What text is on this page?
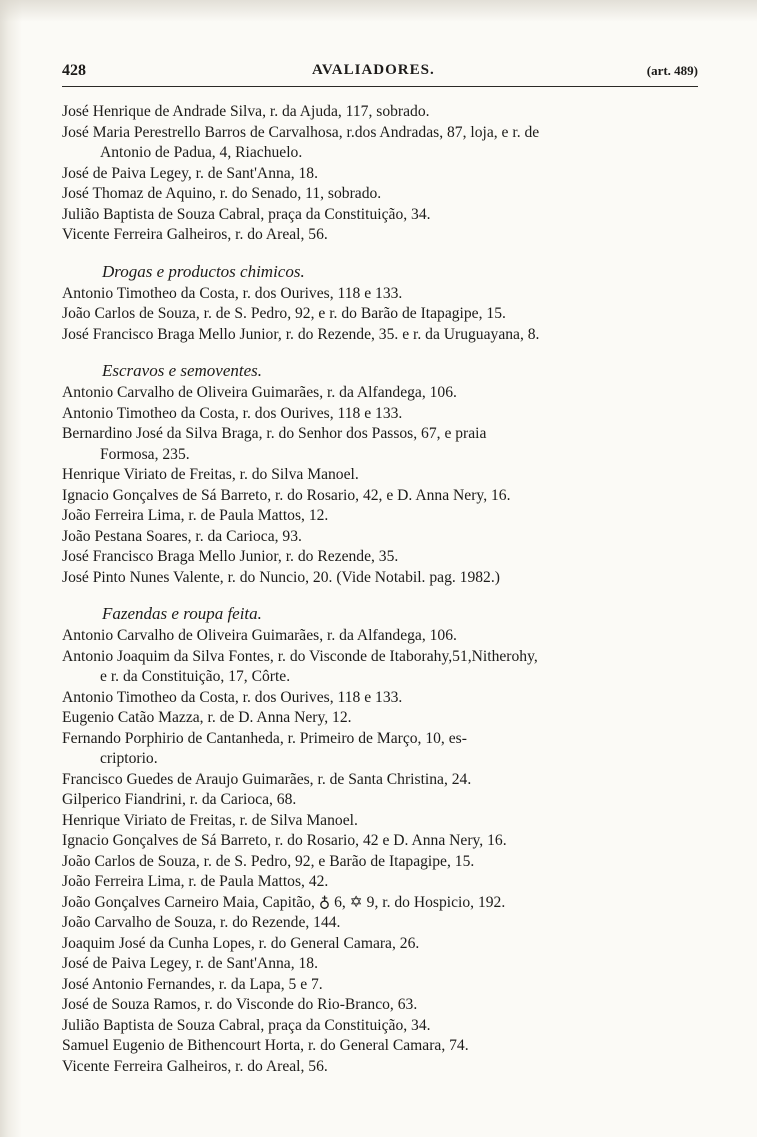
428	AVALIADORES.	(art. 489)
José Henrique de Andrade Silva, r. da Ajuda, 117, sobrado.
José Maria Perestrello Barros de Carvalhosa, r.dos Andradas, 87, loja, e r. de
Antonio de Padua, 4, Riachuelo.
José de Paiva Legey, r. de Sant'Anna, 18.
José Thomaz de Aquino, r. do Senado, 11, sobrado.
Julião Baptista de Souza Cabral, praça da Constituição, 34.
Vicente Ferreira Galheiros, r. do Areal, 56.
Drogas e productos chimicos.
Antonio Timotheo da Costa, r. dos Ourives, 118 e 133.
João Carlos de Souza, r. de S. Pedro, 92, e r. do Barão de Itapagipe, 15.
José Francisco Braga Mello Junior, r. do Rezende, 35. e r. da Uruguayana, 8.
Escravos e semoventes.
Antonio Carvalho de Oliveira Guimarães, r. da Alfandega, 106.
Antonio Timotheo da Costa, r. dos Ourives, 118 e 133.
Bernardino José da Silva Braga, r. do Senhor dos Passos, 67, e praia
Formosa, 235.
Henrique Viriato de Freitas, r. do Silva Manoel.
Ignacio Gonçalves de Sá Barreto, r. do Rosario, 42, e D. Anna Nery, 16.
João Ferreira Lima, r. de Paula Mattos, 12.
João Pestana Soares, r. da Carioca, 93.
José Francisco Braga Mello Junior, r. do Rezende, 35.
José Pinto Nunes Valente, r. do Nuncio, 20. (Vide Notabil. pag. 1982.)
Fazendas e roupa feita.
Antonio Carvalho de Oliveira Guimarães, r. da Alfandega, 106.
Antonio Joaquim da Silva Fontes, r. do Visconde de Itaborahy,51,Nitherohy,
e r. da Constituição, 17, Côrte.
Antonio Timotheo da Costa, r. dos Ourives, 118 e 133.
Eugenio Catão Mazza, r. de D. Anna Nery, 12.
Fernando Porphirio de Cantanheda, r. Primeiro de Março, 10, es-
criptorio.
Francisco Guedes de Araujo Guimarães, r. de Santa Christina, 24.
Gilperico Fiandrini, r. da Carioca, 68.
Henrique Viriato de Freitas, r. de Silva Manoel.
Ignacio Gonçalves de Sá Barreto, r. do Rosario, 42 e D. Anna Nery, 16.
João Carlos de Souza, r. de S. Pedro, 92, e Barão de Itapagipe, 15.
João Ferreira Lima, r. de Paula Mattos, 42.
João Gonçalves Carneiro Maia, Capitão, ♁ 6, ✡ 9, r. do Hospicio, 192.
João Carvalho de Souza, r. do Rezende, 144.
Joaquim José da Cunha Lopes, r. do General Camara, 26.
José de Paiva Legey, r. de Sant'Anna, 18.
José Antonio Fernandes, r. da Lapa, 5 e 7.
José de Souza Ramos, r. do Visconde do Rio-Branco, 63.
Julião Baptista de Souza Cabral, praça da Constituição, 34.
Samuel Eugenio de Bithencourt Horta, r. do General Camara, 74.
Vicente Ferreira Galheiros, r. do Areal, 56.
